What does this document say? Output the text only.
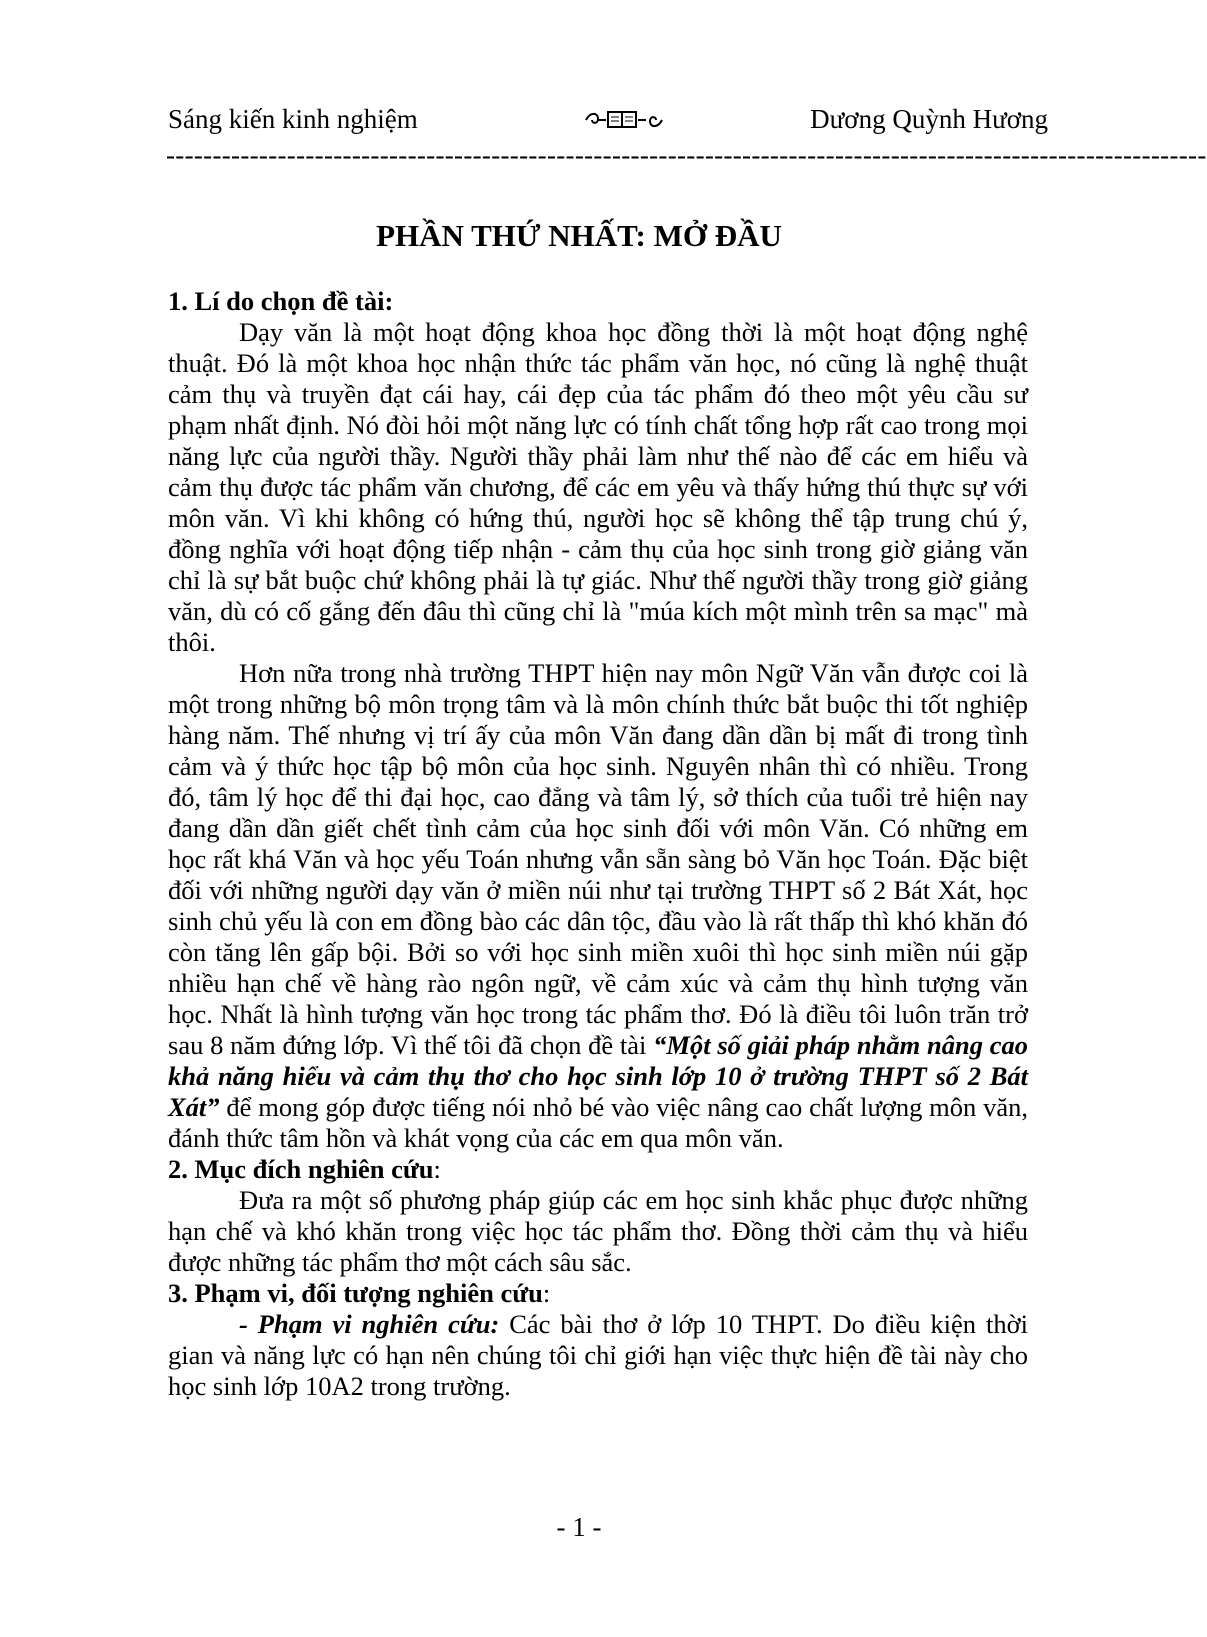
Sáng kiến kinh nghiệm	Dương Quỳnh Hương
----------------------------------------------------------------------------------------------------------------
PHẦN THỨ NHẤT: MỞ ĐẦU

1. Lí do chọn đề tài:

Dạy văn là một hoạt động khoa học đồng thời là một hoạt động nghệ thuật. Đó là một khoa học nhận thức tác phẩm văn học, nó cũng là nghệ thuật cảm thụ và truyền đạt cái hay, cái đẹp của tác phẩm đó theo một yêu cầu sư phạm nhất định. Nó đòi hỏi một năng lực có tính chất tổng hợp rất cao trong mọi năng lực của người thầy. Người thầy phải làm như thế nào để các em hiểu và cảm thụ được tác phẩm văn chương, để các em yêu và thấy hứng thú thực sự với môn văn. Vì khi không có hứng thú, người học sẽ không thể tập trung chú ý, đồng nghĩa với hoạt động tiếp nhận - cảm thụ của học sinh trong giờ giảng văn chỉ là sự bắt buộc chứ không phải là tự giác. Như thế người thầy trong giờ giảng văn, dù có cố gắng đến đâu thì cũng chỉ là "múa kích một mình trên sa mạc" mà thôi.

Hơn nữa trong nhà trường THPT hiện nay môn Ngữ Văn vẫn được coi là một trong những bộ môn trọng tâm và là môn chính thức bắt buộc thi tốt nghiệp hàng năm. Thế nhưng vị trí ấy của môn Văn đang dần dần bị mất đi trong tình cảm và ý thức học tập bộ môn của học sinh. Nguyên nhân thì có nhiều. Trong đó, tâm lý học để thi đại học, cao đẳng và tâm lý, sở thích của tuổi trẻ hiện nay đang dần dần giết chết tình cảm của học sinh đối với môn Văn. Có những em học rất khá Văn và học yếu Toán nhưng vẫn sẵn sàng bỏ Văn học Toán. Đặc biệt đối với những người dạy văn ở miền núi như tại trường THPT số 2 Bát Xát, học sinh chủ yếu là con em đồng bào các dân tộc, đầu vào là rất thấp thì khó khăn đó còn tăng lên gấp bội. Bởi so với học sinh miền xuôi thì học sinh miền núi gặp nhiều hạn chế về hàng rào ngôn ngữ, về cảm xúc và cảm thụ hình tượng văn học. Nhất là hình tượng văn học trong tác phẩm thơ. Đó là điều tôi luôn trăn trở sau 8 năm đứng lớp. Vì thế tôi đã chọn đề tài “Một số giải pháp nhằm nâng cao khả năng hiểu và cảm thụ thơ cho học sinh lớp 10 ở trường THPT số 2 Bát Xát” để mong góp được tiếng nói nhỏ bé vào việc nâng cao chất lượng môn văn, đánh thức tâm hồn và khát vọng của các em qua môn văn.

2. Mục đích nghiên cứu:

Đưa ra một số phương pháp giúp các em học sinh khắc phục được những hạn chế và khó khăn trong việc học tác phẩm thơ. Đồng thời cảm thụ và hiểu được những tác phẩm thơ một cách sâu sắc.

3. Phạm vi, đối tượng nghiên cứu:

- Phạm vi nghiên cứu: Các bài thơ ở lớp 10 THPT. Do điều kiện thời gian và năng lực có hạn nên chúng tôi chỉ giới hạn việc thực hiện đề tài này cho học sinh lớp 10A2 trong trường.

- 1 -
